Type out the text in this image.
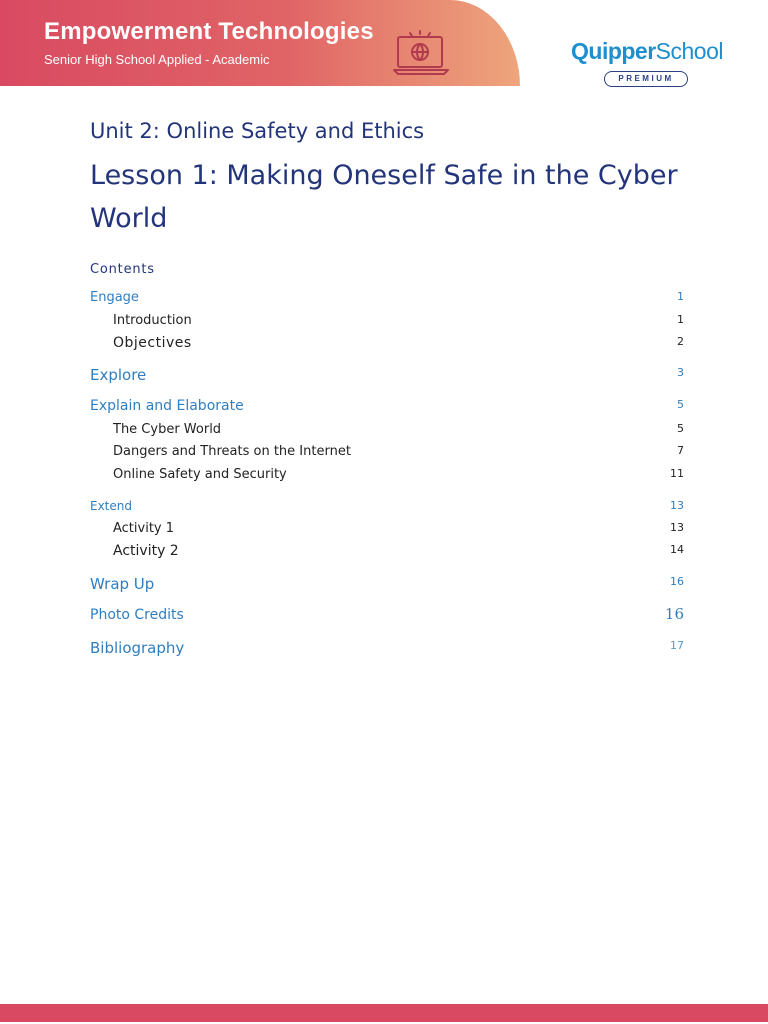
Empowerment Technologies
Senior High School Applied - Academic	QuipperSchool
PREMIUM
Unit 2: Online Safety and Ethics
Lesson 1: Making Oneself Safe in the Cyber World
Contents
Engage	1
Introduction	1
Objectives	2
Explore	3
Explain and Elaborate	5
The Cyber World	5
Dangers and Threats on the Internet	7
Online Safety and Security	11
Extend	13
Activity 1	13
Activity 2	14
Wrap Up	16
Photo Credits	16
Bibliography	17
